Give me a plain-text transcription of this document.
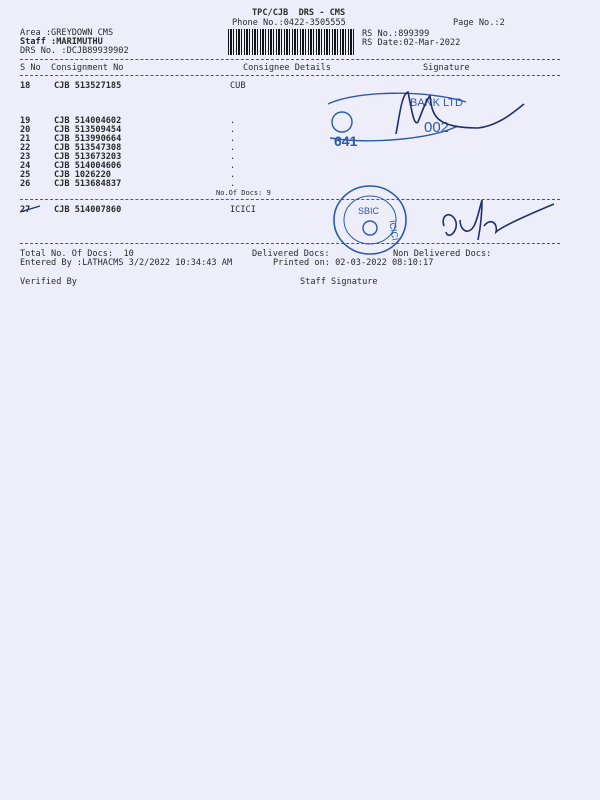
TPC/CJB  DRS - CMS
Phone No.:0422-3505555	Page No.:2
Area :GREYDOWN CMS
Staff :MARIMUTHU
DRS No. :DCJB89939902
RS No.:899399
RS Date:02-Mar-2022
S No Consignment No	Consignee Details	Signature
18	CJB 513527185	CUB
19	CJB 514004602	.
20	CJB 513509454	.
21	CJB 513990664	.
22	CJB 513547308	.
23	CJB 513673203	.
24	CJB 514004606	.
25	CJB 1026220	.
26	CJB 513684837	.
No.Of Docs: 9
27	CJB 514007860	ICICI
BANK LTD
641
002
SBIC
ICICI
Total No. Of Docs:  10	Delivered Docs:	Non Delivered Docs:
Entered By :LATHACMS 3/2/2022 10:34:43 AM	Printed on: 02-03-2022 08:10:17
Verified By	Staff Signature
